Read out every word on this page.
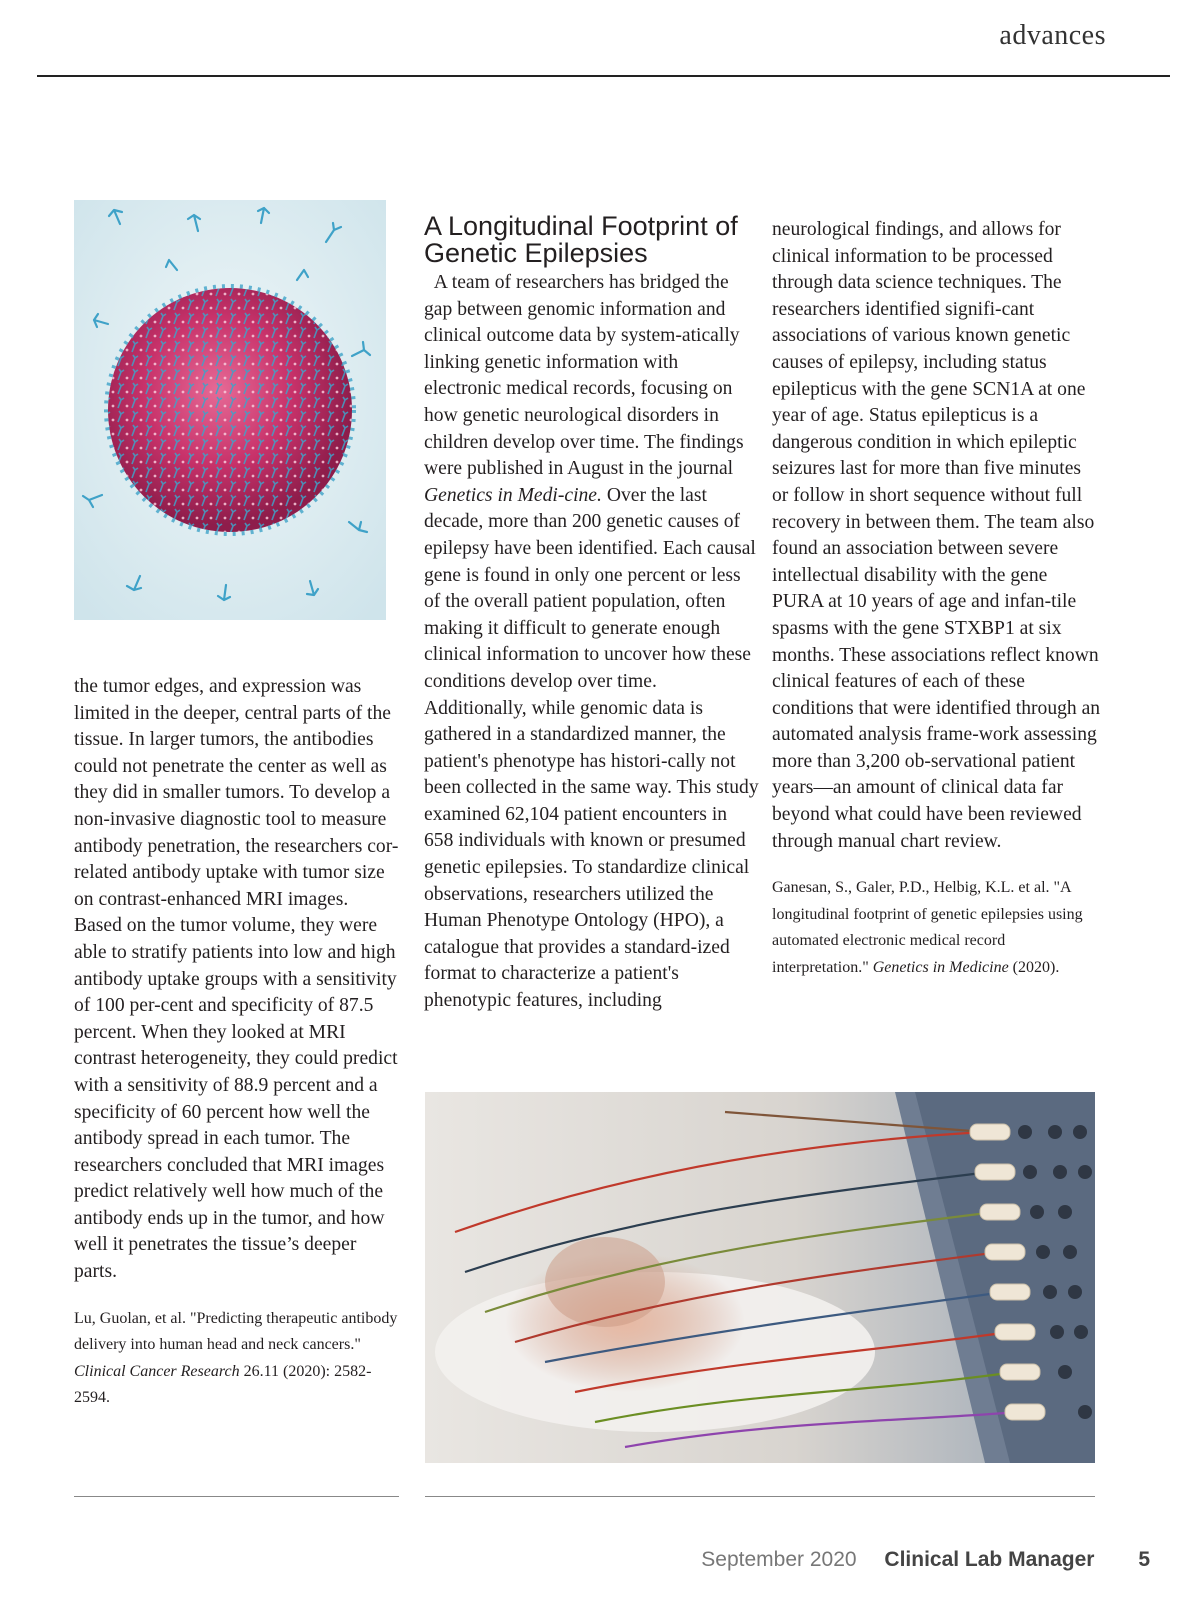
advances

the tumor edges, and expression was limited in the deeper, central parts of the tissue. In larger tumors, the antibodies could not penetrate the center as well as they did in smaller tumors. To develop a non-invasive diagnostic tool to measure antibody penetration, the researchers cor-related antibody uptake with tumor size on contrast-enhanced MRI images. Based on the tumor volume, they were able to stratify patients into low and high antibody uptake groups with a sensitivity of 100 per-cent and specificity of 87.5 percent. When they looked at MRI contrast heterogeneity, they could predict with a sensitivity of 88.9 percent and a specificity of 60 percent how well the antibody spread in each tumor. The researchers concluded that MRI images predict relatively well how much of the antibody ends up in the tumor, and how well it penetrates the tissue’s deeper parts.

Lu, Guolan, et al. "Predicting therapeutic antibody delivery into human head and neck cancers." Clinical Cancer Research 26.11 (2020): 2582-2594.

A Longitudinal Footprint of Genetic Epilepsies

A team of researchers has bridged the gap between genomic information and clinical outcome data by system-atically linking genetic information with electronic medical records, focusing on how genetic neurological disorders in children develop over time. The findings were published in August in the journal Genetics in Medi-cine. Over the last decade, more than 200 genetic causes of epilepsy have been identified. Each causal gene is found in only one percent or less of the overall patient population, often making it difficult to generate enough clinical information to uncover how these conditions develop over time. Additionally, while genomic data is gathered in a standardized manner, the patient's phenotype has histori-cally not been collected in the same way. This study examined 62,104 patient encounters in 658 individuals with known or presumed genetic epilepsies. To standardize clinical observations, researchers utilized the Human Phenotype Ontology (HPO), a catalogue that provides a standard-ized format to characterize a patient's phenotypic features, including

neurological findings, and allows for clinical information to be processed through data science techniques. The researchers identified signifi-cant associations of various known genetic causes of epilepsy, including status epilepticus with the gene SCN1A at one year of age. Status epilepticus is a dangerous condition in which epileptic seizures last for more than five minutes or follow in short sequence without full recovery in between them. The team also found an association between severe intellectual disability with the gene PURA at 10 years of age and infan-tile spasms with the gene STXBP1 at six months. These associations reflect known clinical features of each of these conditions that were identified through an automated analysis frame-work assessing more than 3,200 ob-servational patient years—an amount of clinical data far beyond what could have been reviewed through manual chart review.

Ganesan, S., Galer, P.D., Helbig, K.L. et al. "A longitudinal footprint of genetic epilepsies using automated electronic medical record interpretation." Genetics in Medicine (2020).

September 2020 Clinical Lab Manager 5
